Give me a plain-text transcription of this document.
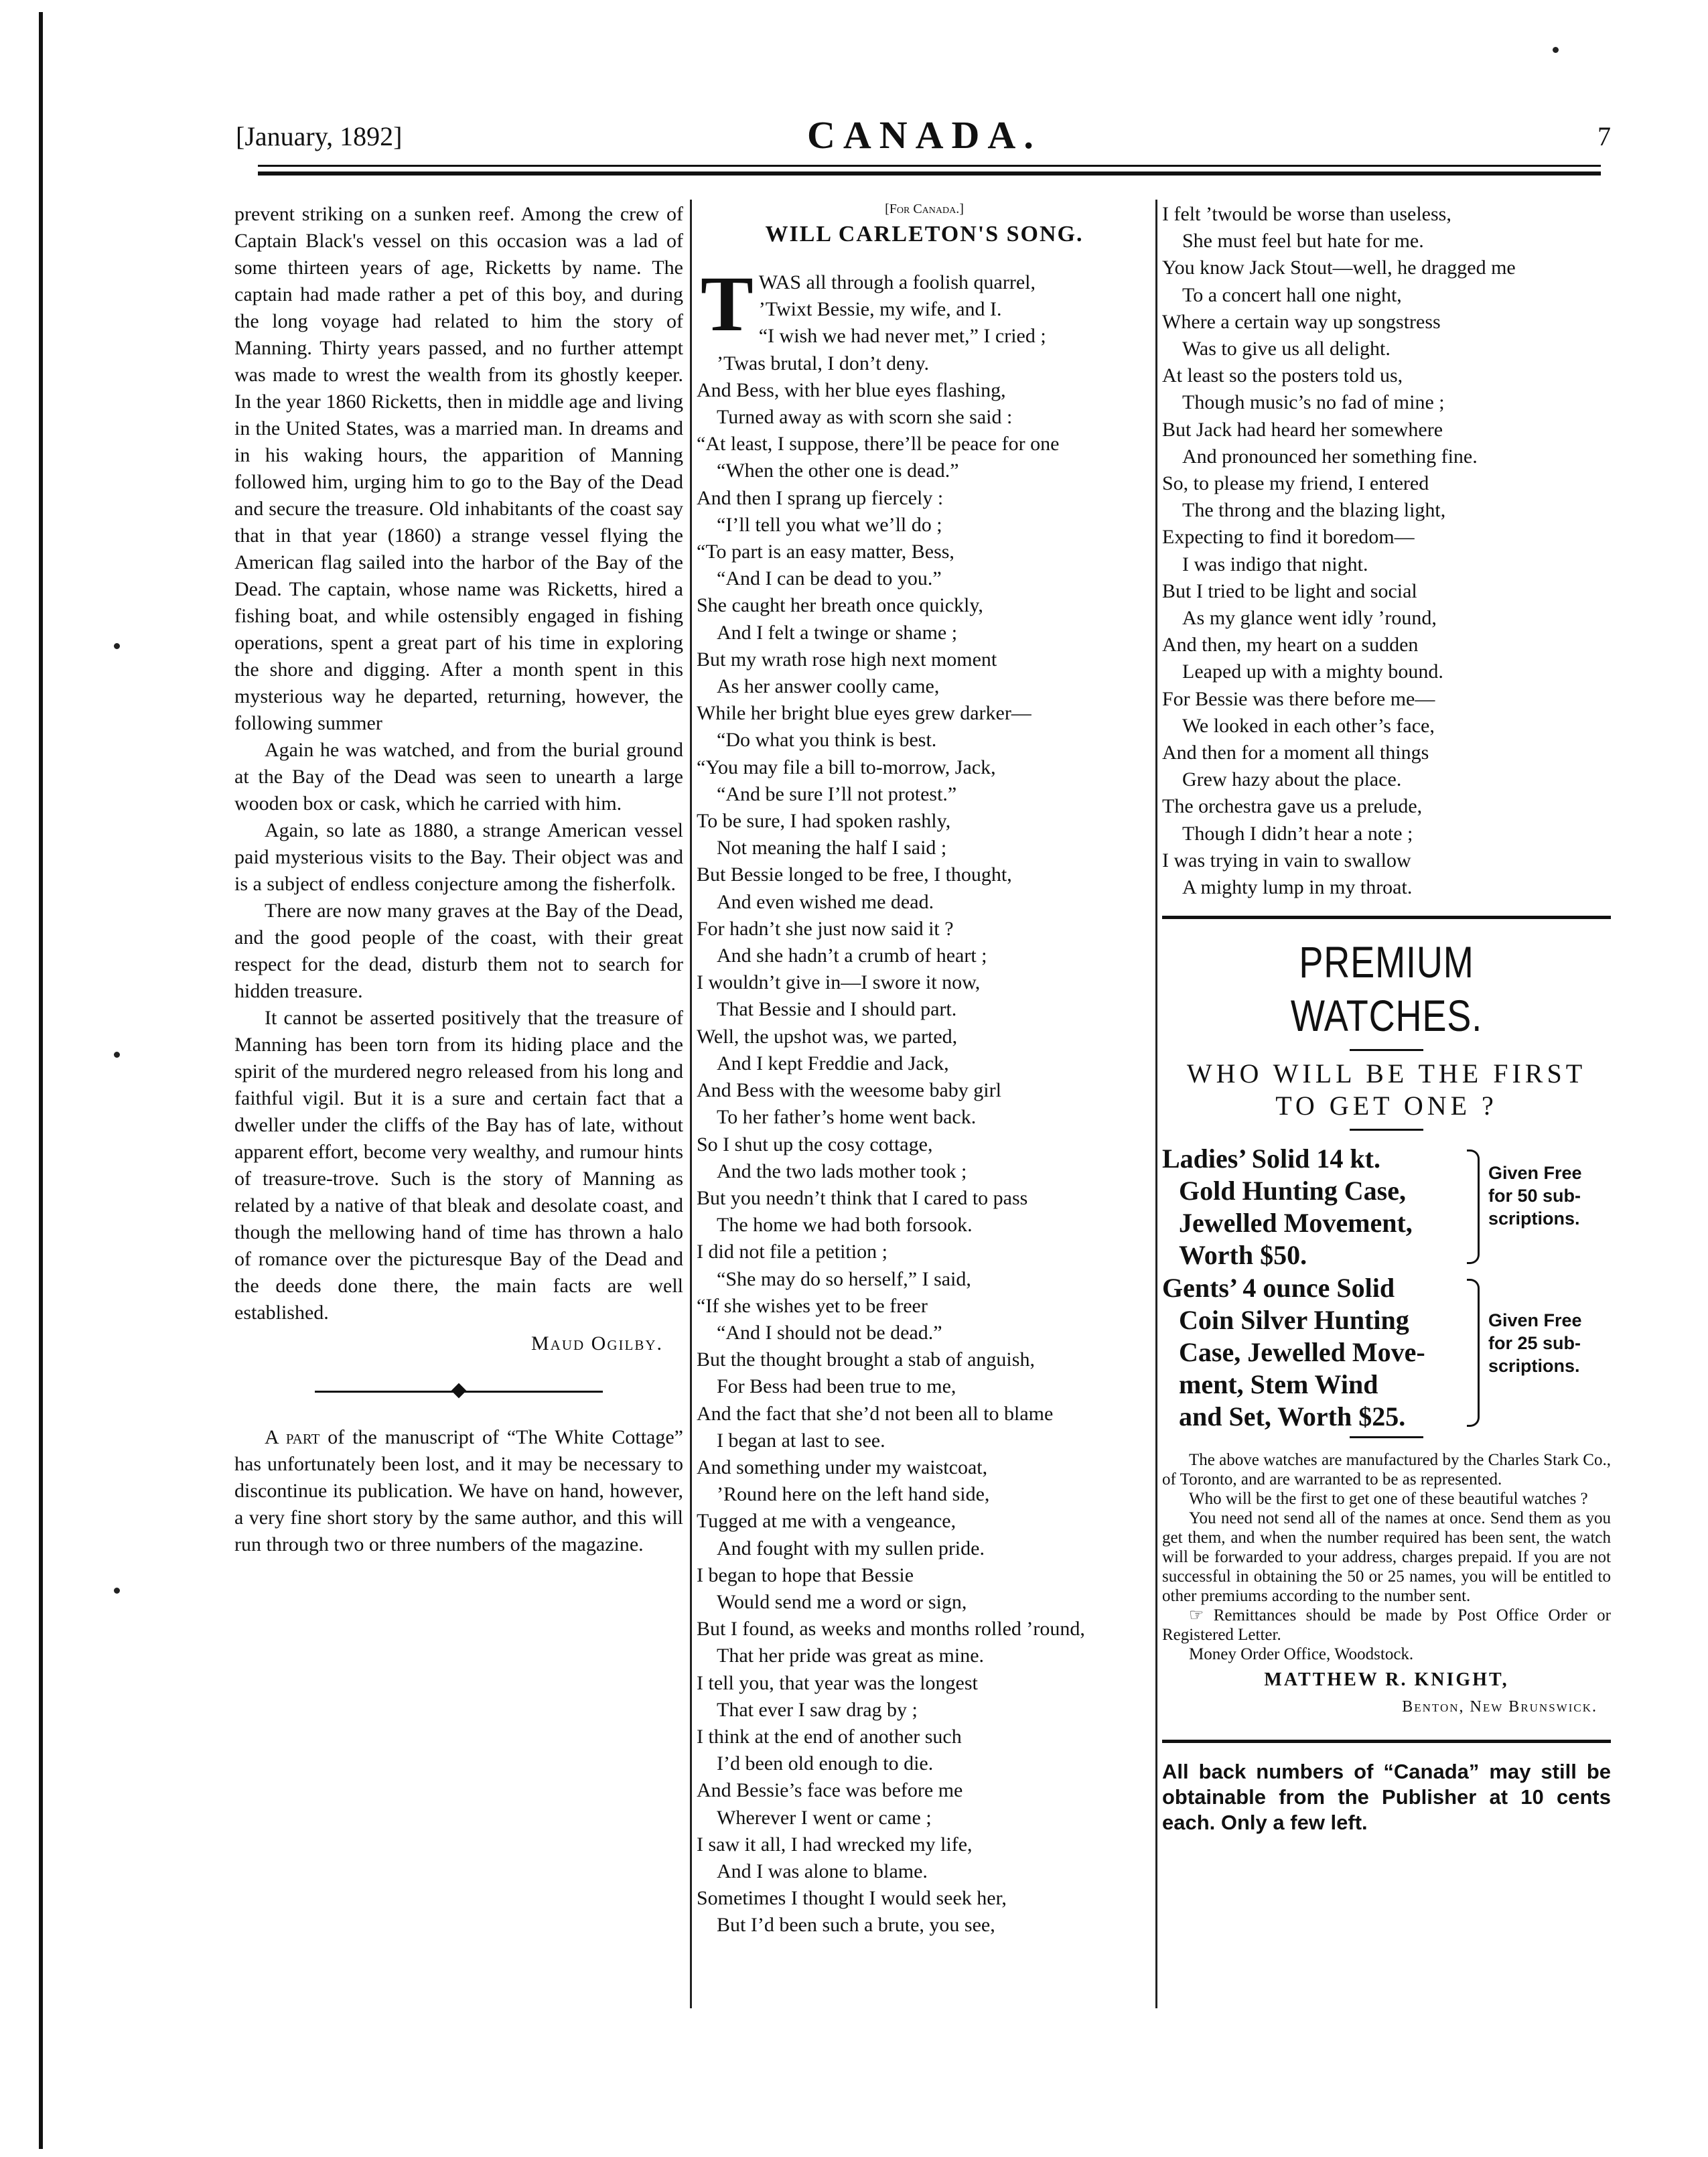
[January, 1892]	CANADA.	7

prevent striking on a sunken reef. Among the crew of Captain Black's vessel on this occasion was a lad of some thirteen years of age, Ricketts by name. The captain had made rather a pet of this boy, and during the long voyage had related to him the story of Manning. Thirty years passed, and no further attempt was made to wrest the wealth from its ghostly keeper. In the year 1860 Ricketts, then in middle age and living in the United States, was a married man. In dreams and in his waking hours, the apparition of Manning followed him, urging him to go to the Bay of the Dead and secure the treasure. Old inhabitants of the coast say that in that year (1860) a strange vessel flying the American flag sailed into the harbor of the Bay of the Dead. The captain, whose name was Ricketts, hired a fishing boat, and while ostensibly engaged in fishing operations, spent a great part of his time in exploring the shore and digging. After a month spent in this mysterious way he departed, returning, however, the following summer

Again he was watched, and from the burial ground at the Bay of the Dead was seen to unearth a large wooden box or cask, which he carried with him.

Again, so late as 1880, a strange American vessel paid mysterious visits to the Bay. Their object was and is a subject of endless conjecture among the fisherfolk.

There are now many graves at the Bay of the Dead, and the good people of the coast, with their great respect for the dead, disturb them not to search for hidden treasure.

It cannot be asserted positively that the treasure of Manning has been torn from its hiding place and the spirit of the murdered negro released from his long and faithful vigil. But it is a sure and certain fact that a dweller under the cliffs of the Bay has of late, without apparent effort, become very wealthy, and rumour hints of treasure-trove. Such is the story of Manning as related by a native of that bleak and desolate coast, and though the mellowing hand of time has thrown a halo of romance over the picturesque Bay of the Dead and the deeds done there, the main facts are well established.

Maud Ogilby.

A part of the manuscript of “The White Cottage” has unfortunately been lost, and it may be necessary to discontinue its publication. We have on hand, however, a very fine short story by the same author, and this will run through two or three numbers of the magazine.

[For Canada.]
WILL CARLETON'S SONG.
T WAS all through a foolish quarrel,
’Twixt Bessie, my wife, and I.
“I wish we had never met,” I cried ;
’Twas brutal, I don’t deny.
And Bess, with her blue eyes flashing,
Turned away as with scorn she said :
“At least, I suppose, there’ll be peace for one
“When the other one is dead.”
And then I sprang up fiercely :
“I’ll tell you what we’ll do ;
“To part is an easy matter, Bess,
“And I can be dead to you.”
She caught her breath once quickly,
And I felt a twinge or shame ;
But my wrath rose high next moment
As her answer coolly came,
While her bright blue eyes grew darker—
“Do what you think is best.
“You may file a bill to-morrow, Jack,
“And be sure I’ll not protest.”
To be sure, I had spoken rashly,
Not meaning the half I said ;
But Bessie longed to be free, I thought,
And even wished me dead.
For hadn’t she just now said it ?
And she hadn’t a crumb of heart ;
I wouldn’t give in—I swore it now,
That Bessie and I should part.
Well, the upshot was, we parted,
And I kept Freddie and Jack,
And Bess with the weesome baby girl
To her father’s home went back.
So I shut up the cosy cottage,
And the two lads mother took ;
But you needn’t think that I cared to pass
The home we had both forsook.
I did not file a petition ;
“She may do so herself,” I said,
“If she wishes yet to be freer
“And I should not be dead.”
But the thought brought a stab of anguish,
For Bess had been true to me,
And the fact that she’d not been all to blame
I began at last to see.
And something under my waistcoat,
’Round here on the left hand side,
Tugged at me with a vengeance,
And fought with my sullen pride.
I began to hope that Bessie
Would send me a word or sign,
But I found, as weeks and months rolled ’round,
That her pride was great as mine.
I tell you, that year was the longest
That ever I saw drag by ;
I think at the end of another such
I’d been old enough to die.
And Bessie’s face was before me
Wherever I went or came ;
I saw it all, I had wrecked my life,
And I was alone to blame.
Sometimes I thought I would seek her,
But I’d been such a brute, you see,
I felt ’twould be worse than useless,
She must feel but hate for me.
You know Jack Stout—well, he dragged me
To a concert hall one night,
Where a certain way up songstress
Was to give us all delight.
At least so the posters told us,
Though music’s no fad of mine ;
But Jack had heard her somewhere
And pronounced her something fine.
So, to please my friend, I entered
The throng and the blazing light,
Expecting to find it boredom—
I was indigo that night.
But I tried to be light and social
As my glance went idly ’round,
And then, my heart on a sudden
Leaped up with a mighty bound.
For Bessie was there before me—
We looked in each other’s face,
And then for a moment all things
Grew hazy about the place.
The orchestra gave us a prelude,
Though I didn’t hear a note ;
I was trying in vain to swallow
A mighty lump in my throat.
PREMIUM WATCHES.
WHO WILL BE THE FIRST
TO GET ONE ?
Ladies’ Solid 14 kt.
Gold Hunting Case,
Jewelled Movement,
Worth $50.
Given Free
for 50 sub-
scriptions.
Gents’ 4 ounce Solid
Coin Silver Hunting
Case, Jewelled Move-
ment, Stem Wind
and Set, Worth $25.
Given Free
for 25 sub-
scriptions.

The above watches are manufactured by the Charles Stark Co., of Toronto, and are warranted to be as represented.

Who will be the first to get one of these beautiful watches ?

You need not send all of the names at once. Send them as you get them, and when the number required has been sent, the watch will be forwarded to your address, charges prepaid. If you are not successful in obtaining the 50 or 25 names, you will be entitled to other premiums according to the number sent.

☞ Remittances should be made by Post Office Order or Registered Letter.

Money Order Office, Woodstock.

MATTHEW R. KNIGHT,
Benton, New Brunswick.
All back numbers of “Canada” may still be obtainable from the Publisher at 10 cents each. Only a few left.
